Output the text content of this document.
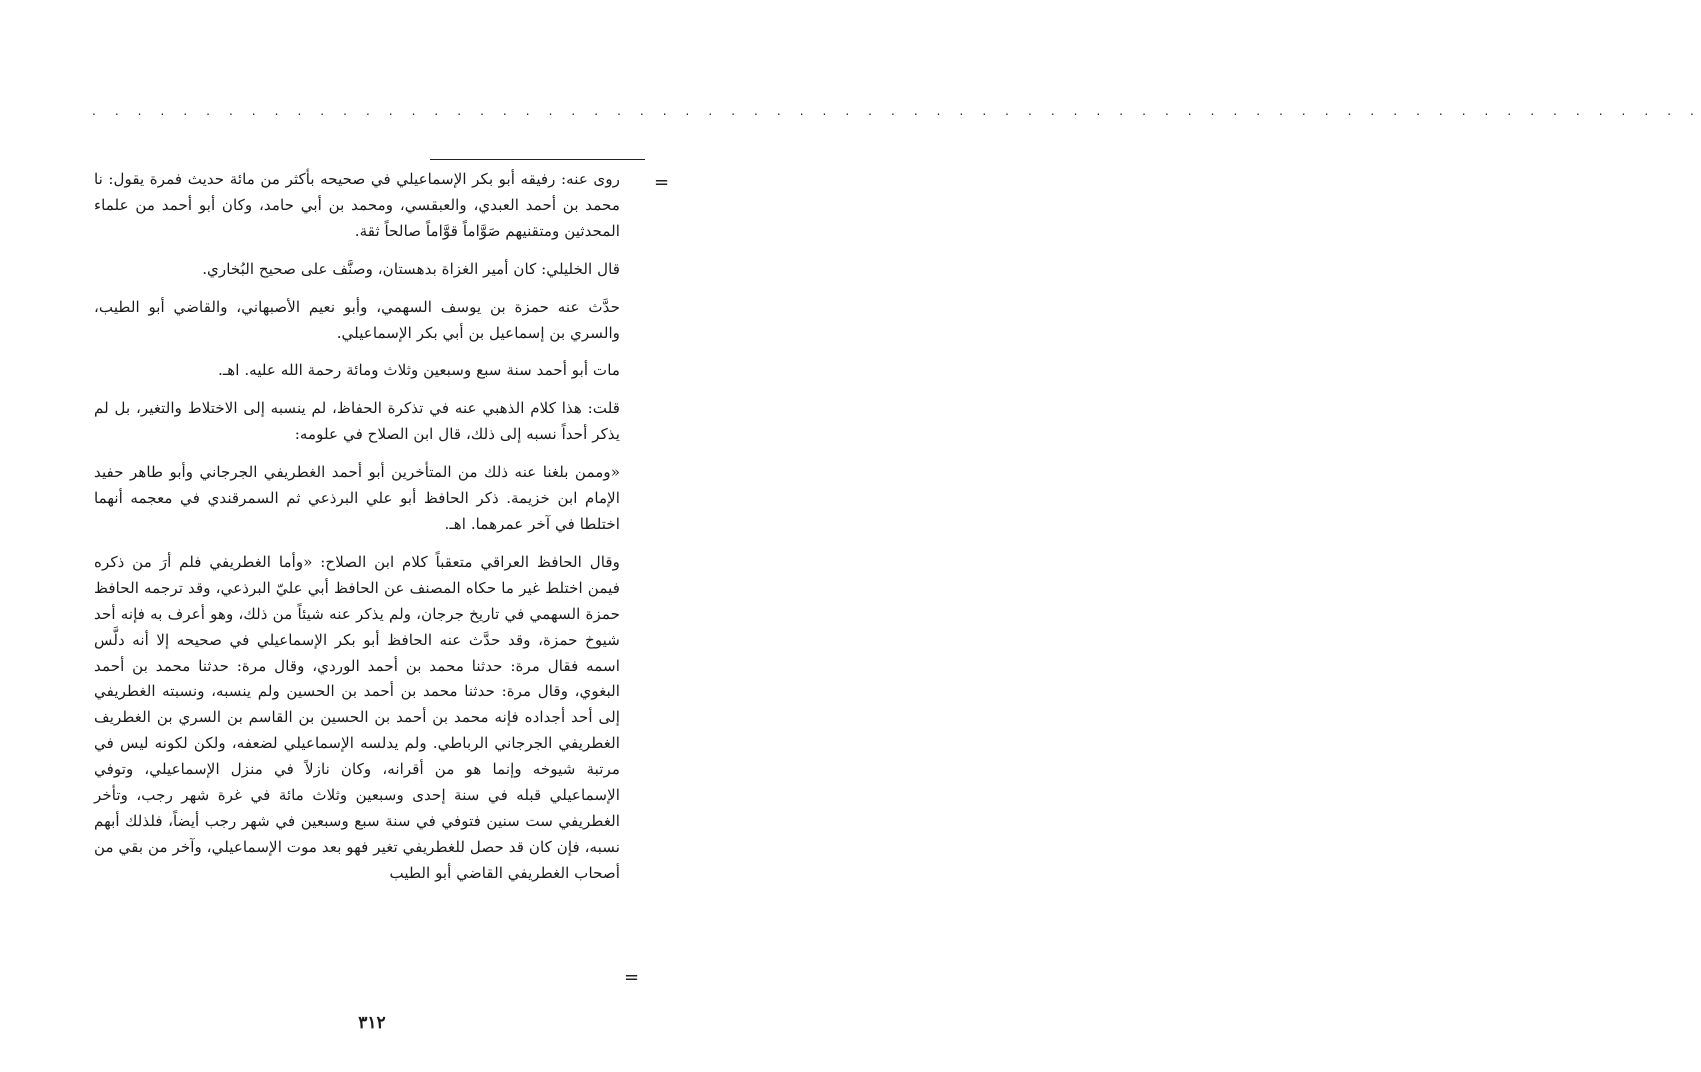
. . . . . . . . . . . . . . . . . . . . . . . . . . . . . . . . . . . . . . . . . . . . . . . . . . . . . . . . . . . . . . . . . . . . . . .
=

روى عنه: رفيقه أبو بكر الإسماعيلي في صحيحه بأكثر من مائة حديث فمرة يقول: نا محمد بن أحمد العبدي، والعبقسي، ومحمد بن أبي حامد، وكان أبو أحمد من علماء المحدثين ومتقنيهم صَوَّاماً قوَّاماً صالحاً ثقة.

قال الخليلي: كان أمير الغزاة بدهستان، وصنَّف على صحيح البُخاري.

حدَّث عنه حمزة بن يوسف السهمي، وأبو نعيم الأصبهاني، والقاضي أبو الطيب، والسري بن إسماعيل بن أبي بكر الإسماعيلي.

مات أبو أحمد سنة سبع وسبعين وثلاث ومائة رحمة الله عليه. اهـ.

قلت: هذا كلام الذهبي عنه في تذكرة الحفاظ، لم ينسبه إلى الاختلاط والتغير، بل لم يذكر أحداً نسبه إلى ذلك، قال ابن الصلاح في علومه:

«وممن بلغنا عنه ذلك من المتأخرين أبو أحمد الغطريفي الجرجاني وأبو طاهر حفيد الإمام ابن خزيمة. ذكر الحافظ أبو علي البرذعي ثم السمرقندي في معجمه أنهما اختلطا في آخر عمرهما. اهـ.

وقال الحافظ العراقي متعقباً كلام ابن الصلاح: «وأما الغطريفي فلم أرَ من ذكره فيمن اختلط غير ما حكاه المصنف عن الحافظ أبي عليّ البرذعي، وقد ترجمه الحافظ حمزة السهمي في تاريخ جرجان، ولم يذكر عنه شيئاً من ذلك، وهو أعرف به فإنه أحد شيوخ حمزة، وقد حدَّث عنه الحافظ أبو بكر الإسماعيلي في صحيحه إلا أنه دلَّس اسمه فقال مرة: حدثنا محمد بن أحمد الوردي، وقال مرة: حدثنا محمد بن أحمد البغوي، وقال مرة: حدثنا محمد بن أحمد بن الحسين ولم ينسبه، ونسبته الغطريفي إلى أحد أجداده فإنه محمد بن أحمد بن الحسين بن القاسم بن السري بن الغطريف الغطريفي الجرجاني الرباطي. ولم يدلسه الإسماعيلي لضعفه، ولكن لكونه ليس في مرتبة شيوخه وإنما هو من أقرانه، وكان نازلاً في منزل الإسماعيلي، وتوفي الإسماعيلي قبله في سنة إحدى وسبعين وثلاث مائة في غرة شهر رجب، وتأخر الغطريفي ست سنين فتوفي في سنة سبع وسبعين في شهر رجب أيضاً، فلذلك أبهم نسبه، فإن كان قد حصل للغطريفي تغير فهو بعد موت الإسماعيلي، وآخر من بقي من أصحاب الغطريفي القاضي أبو الطيب

=
٣١٢
